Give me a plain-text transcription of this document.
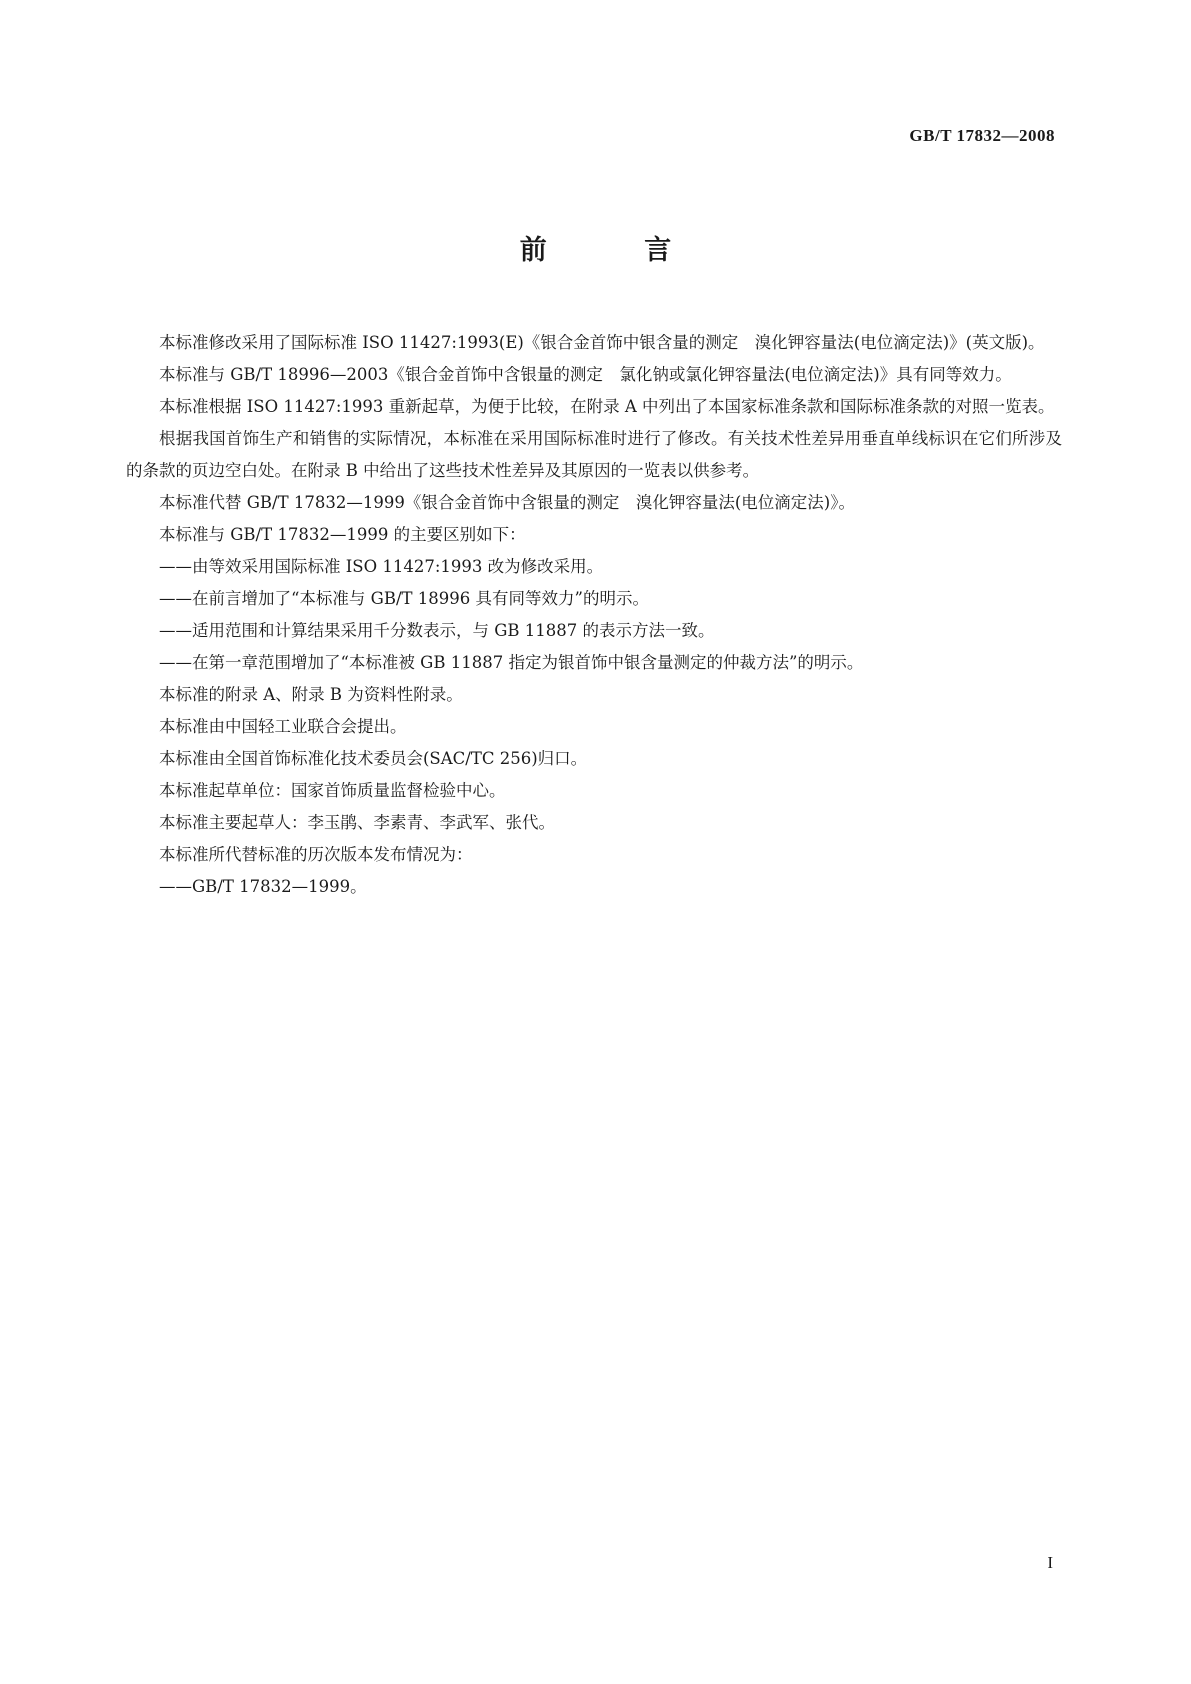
GB/T 17832—2008
前 言

本标准修改采用了国际标准 ISO 11427:1993(E)《银合金首饰中银含量的测定　溴化钾容量法(电位滴定法)》(英文版)。

本标准与 GB/T 18996—2003《银合金首饰中含银量的测定　氯化钠或氯化钾容量法(电位滴定法)》具有同等效力。

本标准根据 ISO 11427:1993 重新起草，为便于比较，在附录 A 中列出了本国家标准条款和国际标准条款的对照一览表。

根据我国首饰生产和销售的实际情况，本标准在采用国际标准时进行了修改。有关技术性差异用垂直单线标识在它们所涉及的条款的页边空白处。在附录 B 中给出了这些技术性差异及其原因的一览表以供参考。

本标准代替 GB/T 17832—1999《银合金首饰中含银量的测定　溴化钾容量法(电位滴定法)》。

本标准与 GB/T 17832—1999 的主要区别如下：

——由等效采用国际标准 ISO 11427:1993 改为修改采用。

——在前言增加了“本标准与 GB/T 18996 具有同等效力”的明示。

——适用范围和计算结果采用千分数表示，与 GB 11887 的表示方法一致。

——在第一章范围增加了“本标准被 GB 11887 指定为银首饰中银含量测定的仲裁方法”的明示。

本标准的附录 A、附录 B 为资料性附录。

本标准由中国轻工业联合会提出。

本标准由全国首饰标准化技术委员会(SAC/TC 256)归口。

本标准起草单位：国家首饰质量监督检验中心。

本标准主要起草人：李玉鹃、李素青、李武军、张代。

本标准所代替标准的历次版本发布情况为：

——GB/T 17832—1999。

I
